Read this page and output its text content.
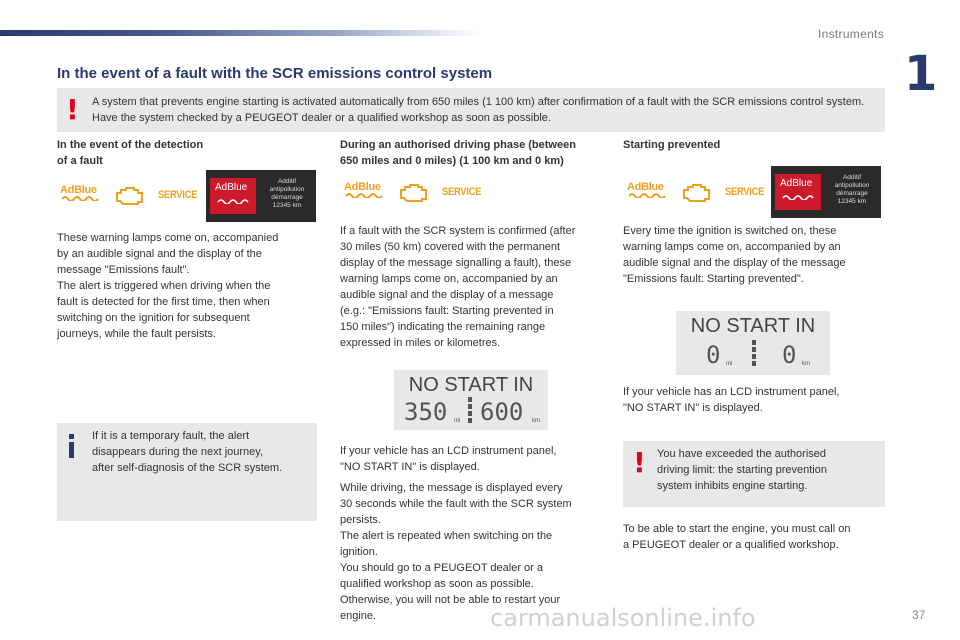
Instruments
1
In the event of a fault with the SCR emissions control system
! A system that prevents engine starting is activated automatically from 650 miles (1 100 km) after confirmation of a fault with the SCR emissions control system. Have the system checked by a PEUGEOT dealer or a qualified workshop as soon as possible.
In the event of the detection
of a fault
AdBlue	SERVICE
AdBlue
Additif
antipollution
démarrage
12345 km
These warning lamps come on, accompanied
by an audible signal and the display of the
message "Emissions fault".
The alert is triggered when driving when the
fault is detected for the first time, then when
switching on the ignition for subsequent
journeys, while the fault persists.
If it is a temporary fault, the alert
disappears during the next journey,
after self-diagnosis of the SCR system.
During an authorised driving phase (between
650 miles and 0 miles) (1 100 km and 0 km)
AdBlue	SERVICE
If a fault with the SCR system is confirmed (after
30 miles (50 km) covered with the permanent
display of the message signalling a fault), these
warning lamps come on, accompanied by an
audible signal and the display of a message
(e.g.: "Emissions fault: Starting prevented in
150 miles") indicating the remaining range
expressed in miles or kilometres.
NO START IN
350 mi 600 km
If your vehicle has an LCD instrument panel,
"NO START IN" is displayed.
While driving, the message is displayed every
30 seconds while the fault with the SCR system
persists.
The alert is repeated when switching on the
ignition.
You should go to a PEUGEOT dealer or a
qualified workshop as soon as possible.
Otherwise, you will not be able to restart your
engine.
Starting prevented
AdBlue	SERVICE
AdBlue
Additif
antipollution
démarrage
12345 km
Every time the ignition is switched on, these
warning lamps come on, accompanied by an
audible signal and the display of the message
"Emissions fault: Starting prevented".
NO START IN
0 mi 0 km
If your vehicle has an LCD instrument panel,
"NO START IN" is displayed.
! You have exceeded the authorised
driving limit: the starting prevention
system inhibits engine starting.
To be able to start the engine, you must call on
a PEUGEOT dealer or a qualified workshop.
carmanualsonline.info	37
